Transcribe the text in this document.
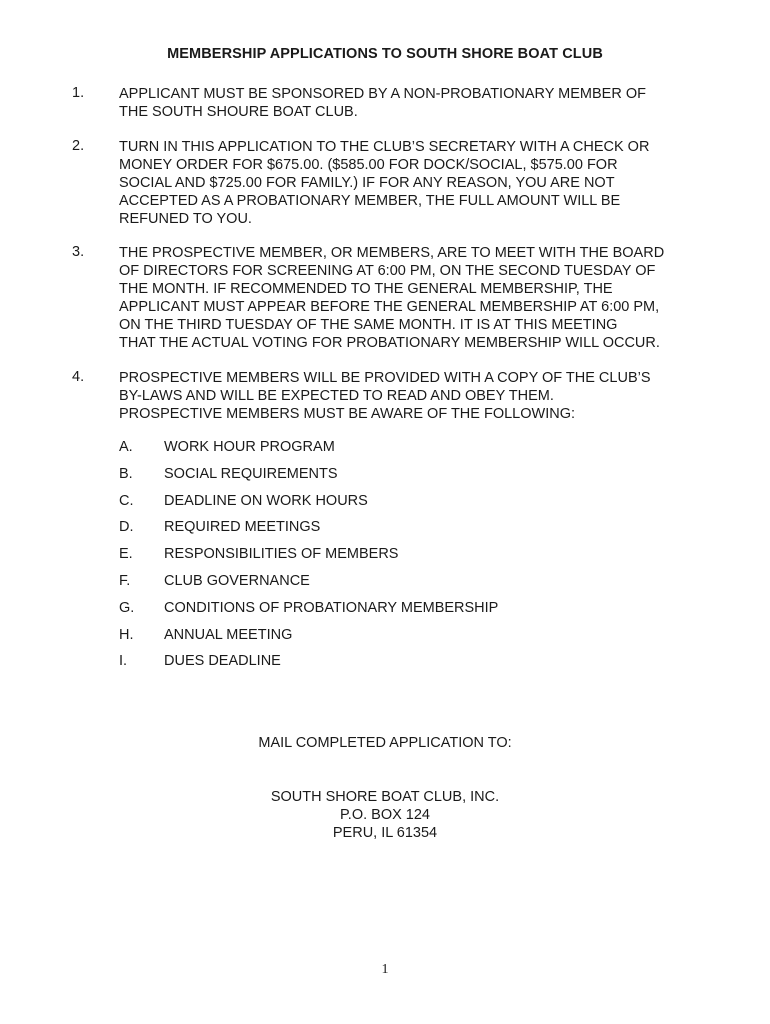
MEMBERSHIP APPLICATIONS TO SOUTH SHORE BOAT CLUB
1.	APPLICANT MUST BE SPONSORED BY A NON-PROBATIONARY MEMBER OF
THE SOUTH SHOURE BOAT CLUB.
2.	TURN IN THIS APPLICATION TO THE CLUB’S SECRETARY WITH A CHECK OR
MONEY ORDER FOR $675.00. ($585.00 FOR DOCK/SOCIAL, $575.00 FOR
SOCIAL AND $725.00 FOR FAMILY.) IF FOR ANY REASON, YOU ARE NOT
ACCEPTED AS A PROBATIONARY MEMBER, THE FULL AMOUNT WILL BE
REFUNED TO YOU.
3.	THE PROSPECTIVE MEMBER, OR MEMBERS, ARE TO MEET WITH THE BOARD
OF DIRECTORS FOR SCREENING AT 6:00 PM, ON THE SECOND TUESDAY OF
THE MONTH. IF RECOMMENDED TO THE GENERAL MEMBERSHIP, THE
APPLICANT MUST APPEAR BEFORE THE GENERAL MEMBERSHIP AT 6:00 PM,
ON THE THIRD TUESDAY OF THE SAME MONTH. IT IS AT THIS MEETING
THAT THE ACTUAL VOTING FOR PROBATIONARY MEMBERSHIP WILL OCCUR.
4.	PROSPECTIVE MEMBERS WILL BE PROVIDED WITH A COPY OF THE CLUB’S
BY-LAWS AND WILL BE EXPECTED TO READ AND OBEY THEM.
PROSPECTIVE MEMBERS MUST BE AWARE OF THE FOLLOWING:
A. WORK HOUR PROGRAM
B. SOCIAL REQUIREMENTS
C. DEADLINE ON WORK HOURS
D. REQUIRED MEETINGS
E. RESPONSIBILITIES OF MEMBERS
F. CLUB GOVERNANCE
G. CONDITIONS OF PROBATIONARY MEMBERSHIP
H. ANNUAL MEETING
I.	DUES DEADLINE
MAIL COMPLETED APPLICATION TO:
SOUTH SHORE BOAT CLUB, INC.
P.O. BOX 124
PERU, IL 61354
1
